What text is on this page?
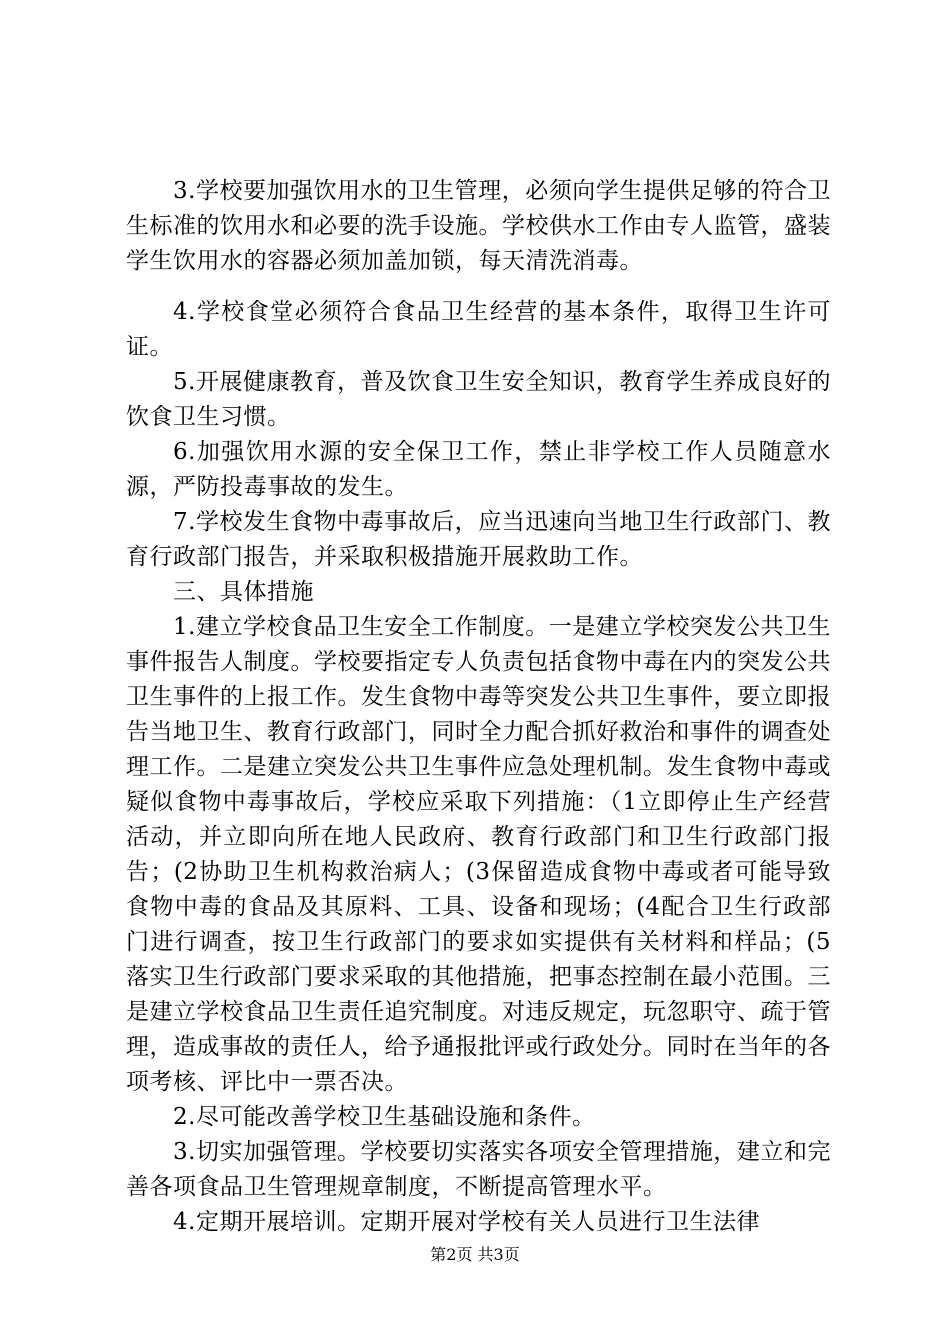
3.学校要加强饮用水的卫生管理，必须向学生提供足够的符合卫生标准的饮用水和必要的洗手设施。学校供水工作由专人监管，盛装学生饮用水的容器必须加盖加锁，每天清洗消毒。

4.学校食堂必须符合食品卫生经营的基本条件，取得卫生许可证。

5.开展健康教育，普及饮食卫生安全知识，教育学生养成良好的饮食卫生习惯。

6.加强饮用水源的安全保卫工作，禁止非学校工作人员随意水源，严防投毒事故的发生。

7.学校发生食物中毒事故后，应当迅速向当地卫生行政部门、教育行政部门报告，并采取积极措施开展救助工作。

三、具体措施

1.建立学校食品卫生安全工作制度。一是建立学校突发公共卫生事件报告人制度。学校要指定专人负责包括食物中毒在内的突发公共卫生事件的上报工作。发生食物中毒等突发公共卫生事件，要立即报告当地卫生、教育行政部门，同时全力配合抓好救治和事件的调查处理工作。二是建立突发公共卫生事件应急处理机制。发生食物中毒或疑似食物中毒事故后，学校应采取下列措施：（1立即停止生产经营活动，并立即向所在地人民政府、教育行政部门和卫生行政部门报告；(2协助卫生机构救治病人；(3保留造成食物中毒或者可能导致食物中毒的食品及其原料、工具、设备和现场；(4配合卫生行政部门进行调查，按卫生行政部门的要求如实提供有关材料和样品；(5落实卫生行政部门要求采取的其他措施，把事态控制在最小范围。三是建立学校食品卫生责任追究制度。对违反规定，玩忽职守、疏于管理，造成事故的责任人，给予通报批评或行政处分。同时在当年的各项考核、评比中一票否决。

2.尽可能改善学校卫生基础设施和条件。

3.切实加强管理。学校要切实落实各项安全管理措施，建立和完善各项食品卫生管理规章制度，不断提高管理水平。

4.定期开展培训。定期开展对学校有关人员进行卫生法律

第2页 共3页
